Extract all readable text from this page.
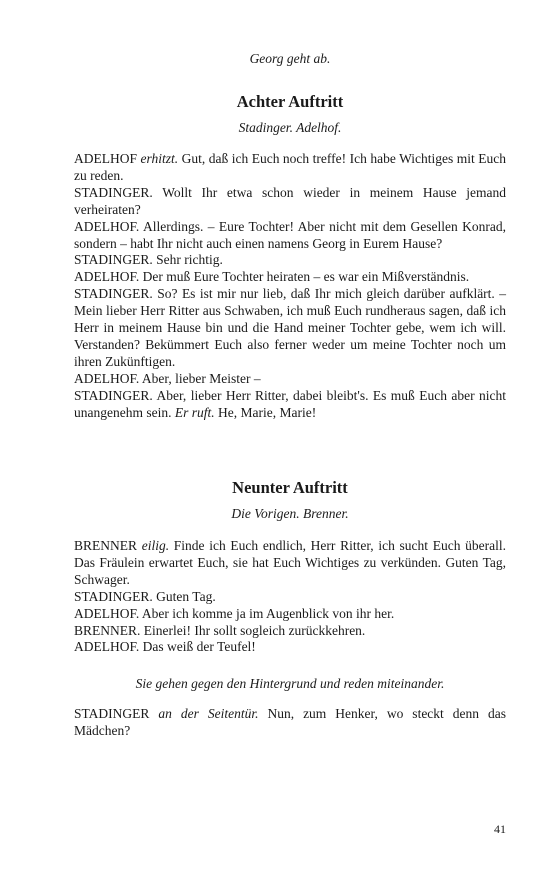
Georg geht ab.
Achter Auftritt
Stadinger. Adelhof.
ADELHOF erhitzt. Gut, daß ich Euch noch treffe! Ich habe Wichtiges mit Euch zu reden.
STADINGER. Wollt Ihr etwa schon wieder in meinem Hause jemand verheiraten?
ADELHOF. Allerdings. – Eure Tochter! Aber nicht mit dem Gesellen Konrad, sondern – habt Ihr nicht auch einen namens Georg in Eurem Hause?
STADINGER. Sehr richtig.
ADELHOF. Der muß Eure Tochter heiraten – es war ein Mißverständnis.
STADINGER. So? Es ist mir nur lieb, daß Ihr mich gleich darüber aufklärt. – Mein lieber Herr Ritter aus Schwaben, ich muß Euch rundheraus sagen, daß ich Herr in meinem Hause bin und die Hand meiner Tochter gebe, wem ich will. Verstanden? Bekümmert Euch also ferner weder um meine Tochter noch um ihren Zukünftigen.
ADELHOF. Aber, lieber Meister –
STADINGER. Aber, lieber Herr Ritter, dabei bleibt's. Es muß Euch aber nicht unangenehm sein. Er ruft. He, Marie, Marie!
Neunter Auftritt
Die Vorigen. Brenner.
BRENNER eilig. Finde ich Euch endlich, Herr Ritter, ich sucht Euch überall. Das Fräulein erwartet Euch, sie hat Euch Wichtiges zu verkünden. Guten Tag, Schwager.
STADINGER. Guten Tag.
ADELHOF. Aber ich komme ja im Augenblick von ihr her.
BRENNER. Einerlei! Ihr sollt sogleich zurückkehren.
ADELHOF. Das weiß der Teufel!
Sie gehen gegen den Hintergrund und reden miteinander.
STADINGER an der Seitentür. Nun, zum Henker, wo steckt denn das Mädchen?
41
